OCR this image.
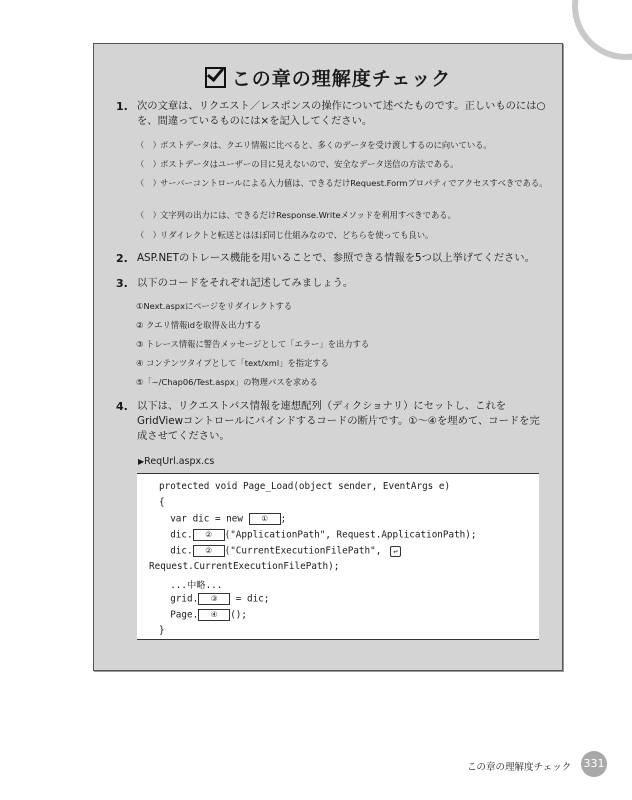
この章の理解度チェック
1. 次の文章は、リクエスト／レスポンスの操作について述べたものです。正しいものには○を、間違っているものには×を記入してください。
（　） ポストデータは、クエリ情報に比べると、多くのデータを受け渡しするのに向いている。
（　） ポストデータはユーザーの目に見えないので、安全なデータ送信の方法である。
（　） サーバーコントロールによる入力値は、できるだけRequest.Formプロパティでアクセスすべきである。
（　） 文字列の出力には、できるだけResponse.Writeメソッドを利用すべきである。
（　） リダイレクトと転送とはほぼ同じ仕組みなので、どちらを使っても良い。
2. ASP.NETのトレース機能を用いることで、参照できる情報を5つ以上挙げてください。
3. 以下のコードをそれぞれ記述してみましょう。
①Next.aspxにページをリダイレクトする
② クエリ情報idを取得＆出力する
③ トレース情報に警告メッセージとして「エラー」を出力する
④ コンテンツタイプとして「text/xml」を指定する
⑤「~/Chap06/Test.aspx」の物理パスを求める
4. 以下は、リクエストパス情報を連想配列（ディクショナリ）にセットし、これをGridViewコントロールにバインドするコードの断片です。①～④を埋めて、コードを完成させてください。
▶ReqUrl.aspx.cs
protected void Page_Load(object sender, EventArgs e)
{
var dic = new ① ;
dic. ② ("ApplicationPath", Request.ApplicationPath);
dic. ② ("CurrentExecutionFilePath", ↵
Request.CurrentExecutionFilePath);
...中略...
grid. ③ = dic;
Page. ④ ();
}
この章の理解度チェック 331
